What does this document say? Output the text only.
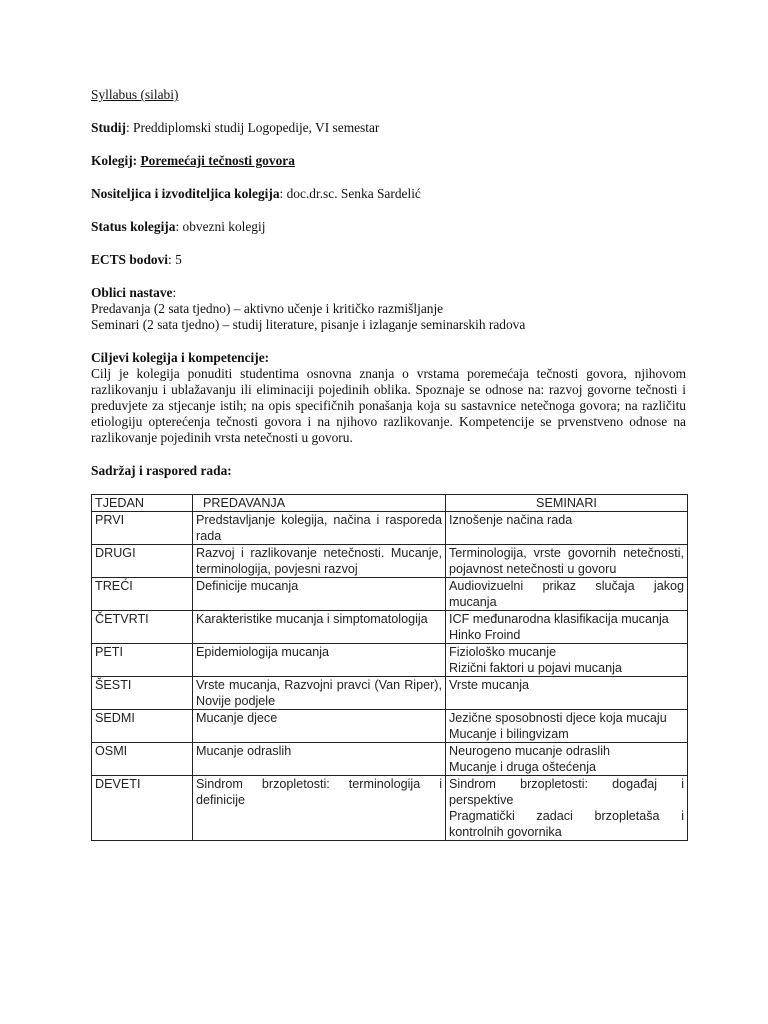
Syllabus (silabi)

Studij: Preddiplomski studij Logopedije, VI semestar

Kolegij: Poremećaji tečnosti govora

Nositeljica i izvoditeljica kolegija: doc.dr.sc. Senka Sardelić

Status kolegija: obvezni kolegij

ECTS bodovi: 5

Oblici nastave:

Predavanja (2 sata tjedno) – aktivno učenje i kritičko razmišljanje

Seminari (2 sata tjedno) – studij literature, pisanje i izlaganje seminarskih radova

Ciljevi kolegija i kompetencije:

Cilj je kolegija ponuditi studentima osnovna znanja o vrstama poremećaja tečnosti govora, njihovom razlikovanju i ublažavanju ili eliminaciji pojedinih oblika. Spoznaje se odnose na: razvoj govorne tečnosti i preduvjete za stjecanje istih; na opis specifičnih ponašanja koja su sastavnice netečnoga govora; na različitu etiologiju opterećenja tečnosti govora i na njihovo razlikovanje. Kompetencije se prvenstveno odnose na razlikovanje pojedinih vrsta netečnosti u govoru.

Sadržaj i raspored rada:

TJEDAN	PREDAVANJA	SEMINARI
PRVI	Predstavljanje kolegija, načina i rasporeda rada	Iznošenje načina rada

DRUGI	Razvoj i razlikovanje netečnosti. Mucanje, terminologija, povjesni razvoj	Terminologija, vrste govornih netečnosti, pojavnost netečnosti u govoru

TREĆI	Definicije mucanja	Audiovizuelni prikaz slučaja jakog mucanja

ČETVRTI	Karakteristike mucanja i simptomatologija	ICF međunarodna klasifikacija mucanja
Hinko Froind

PETI	Epidemiologija mucanja	Fiziološko mucanje
Rizični faktori u pojavi mucanja

ŠESTI	Vrste mucanja, Razvojni pravci (Van Riper), Novije podjele	Vrste mucanja

SEDMI	Mucanje djece	Jezične sposobnosti djece koja mucaju
Mucanje i bilingvizam

OSMI	Mucanje odraslih	Neurogeno mucanje odraslih
Mucanje i druga oštećenja

DEVETI	Sindrom brzopletosti: terminologija i definicije	Sindrom brzopletosti: događaj i perspektive
Pragmatički zadaci brzopletaša i kontrolnih govornika
